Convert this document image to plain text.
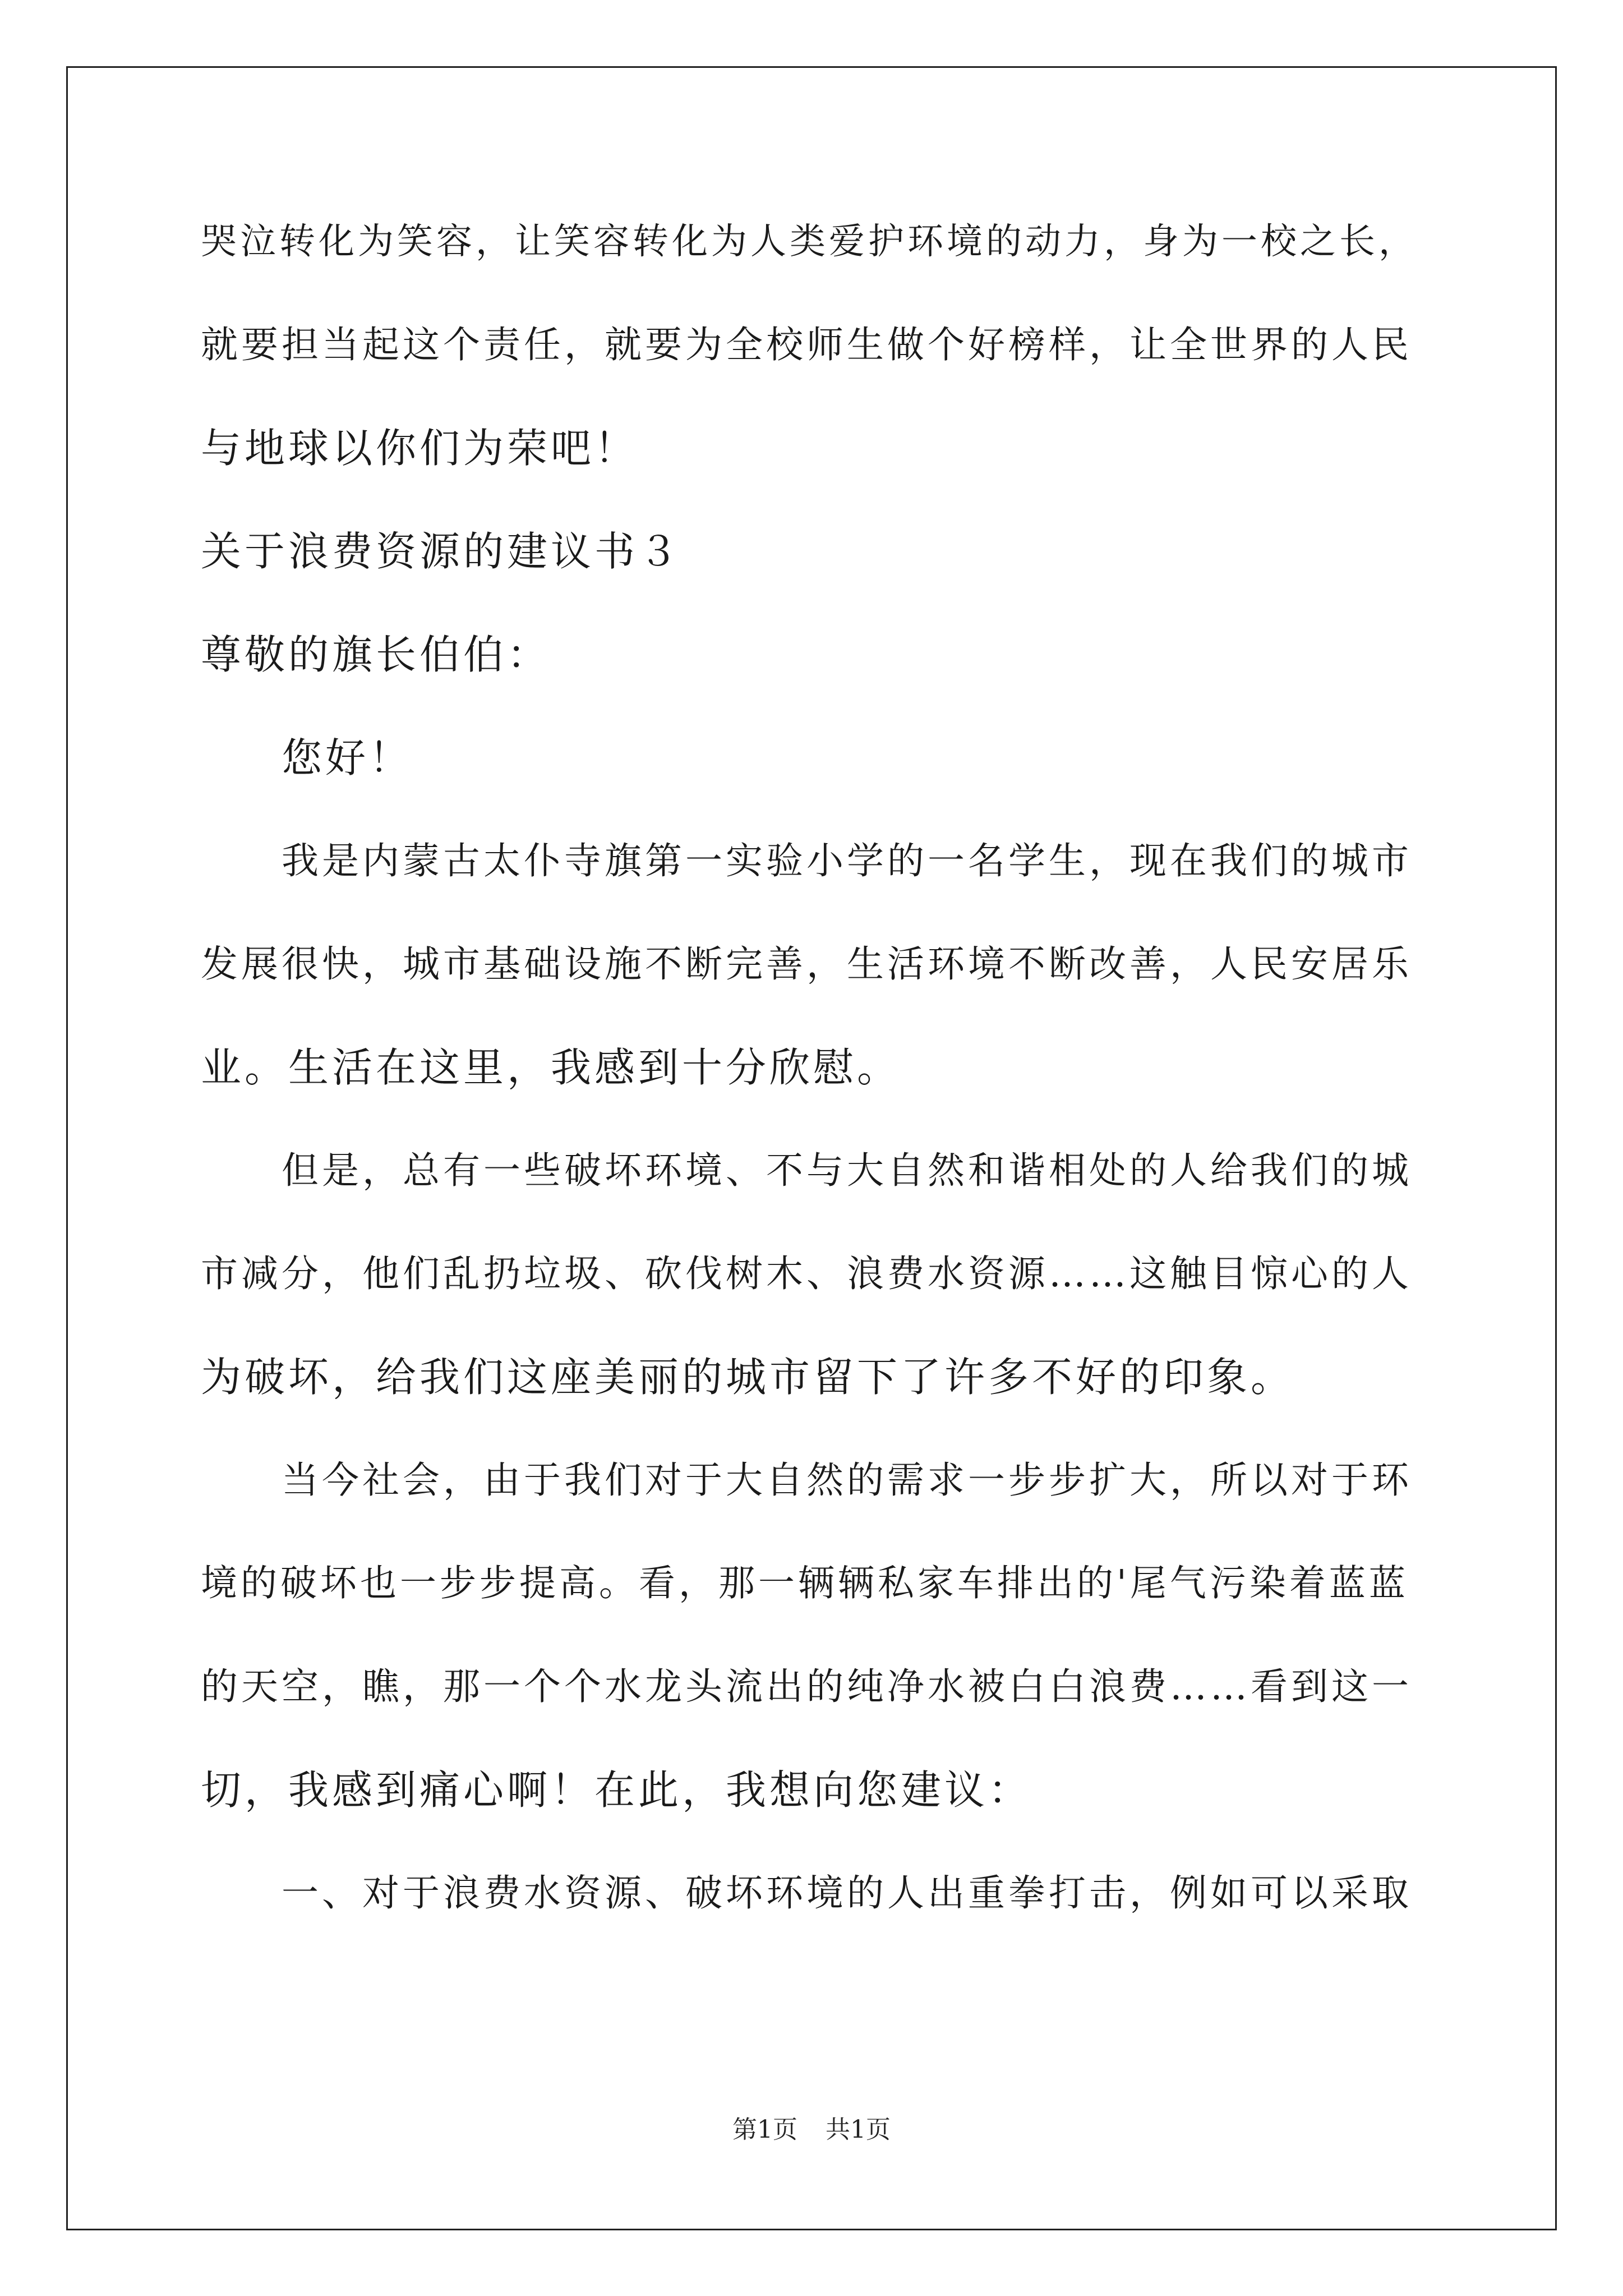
哭泣转化为笑容，让笑容转化为人类爱护环境的动力，身为一校之长，
就要担当起这个责任，就要为全校师生做个好榜样，让全世界的人民
与地球以你们为荣吧！
关于浪费资源的建议书３
尊敬的旗长伯伯：
您好！
我是内蒙古太仆寺旗第一实验小学的一名学生，现在我们的城市
发展很快，城市基础设施不断完善，生活环境不断改善，人民安居乐
业。生活在这里，我感到十分欣慰。
但是，总有一些破坏环境、不与大自然和谐相处的人给我们的城
市减分，他们乱扔垃圾、砍伐树木、浪费水资源……这触目惊心的人
为破坏，给我们这座美丽的城市留下了许多不好的印象。
当今社会，由于我们对于大自然的需求一步步扩大，所以对于环
境的破坏也一步步提高。看，那一辆辆私家车排出的'尾气污染着蓝蓝
的天空，瞧，那一个个水龙头流出的纯净水被白白浪费……看到这一
切，我感到痛心啊！在此，我想向您建议：
一、对于浪费水资源、破坏环境的人出重拳打击，例如可以采取
第1页 共1页
